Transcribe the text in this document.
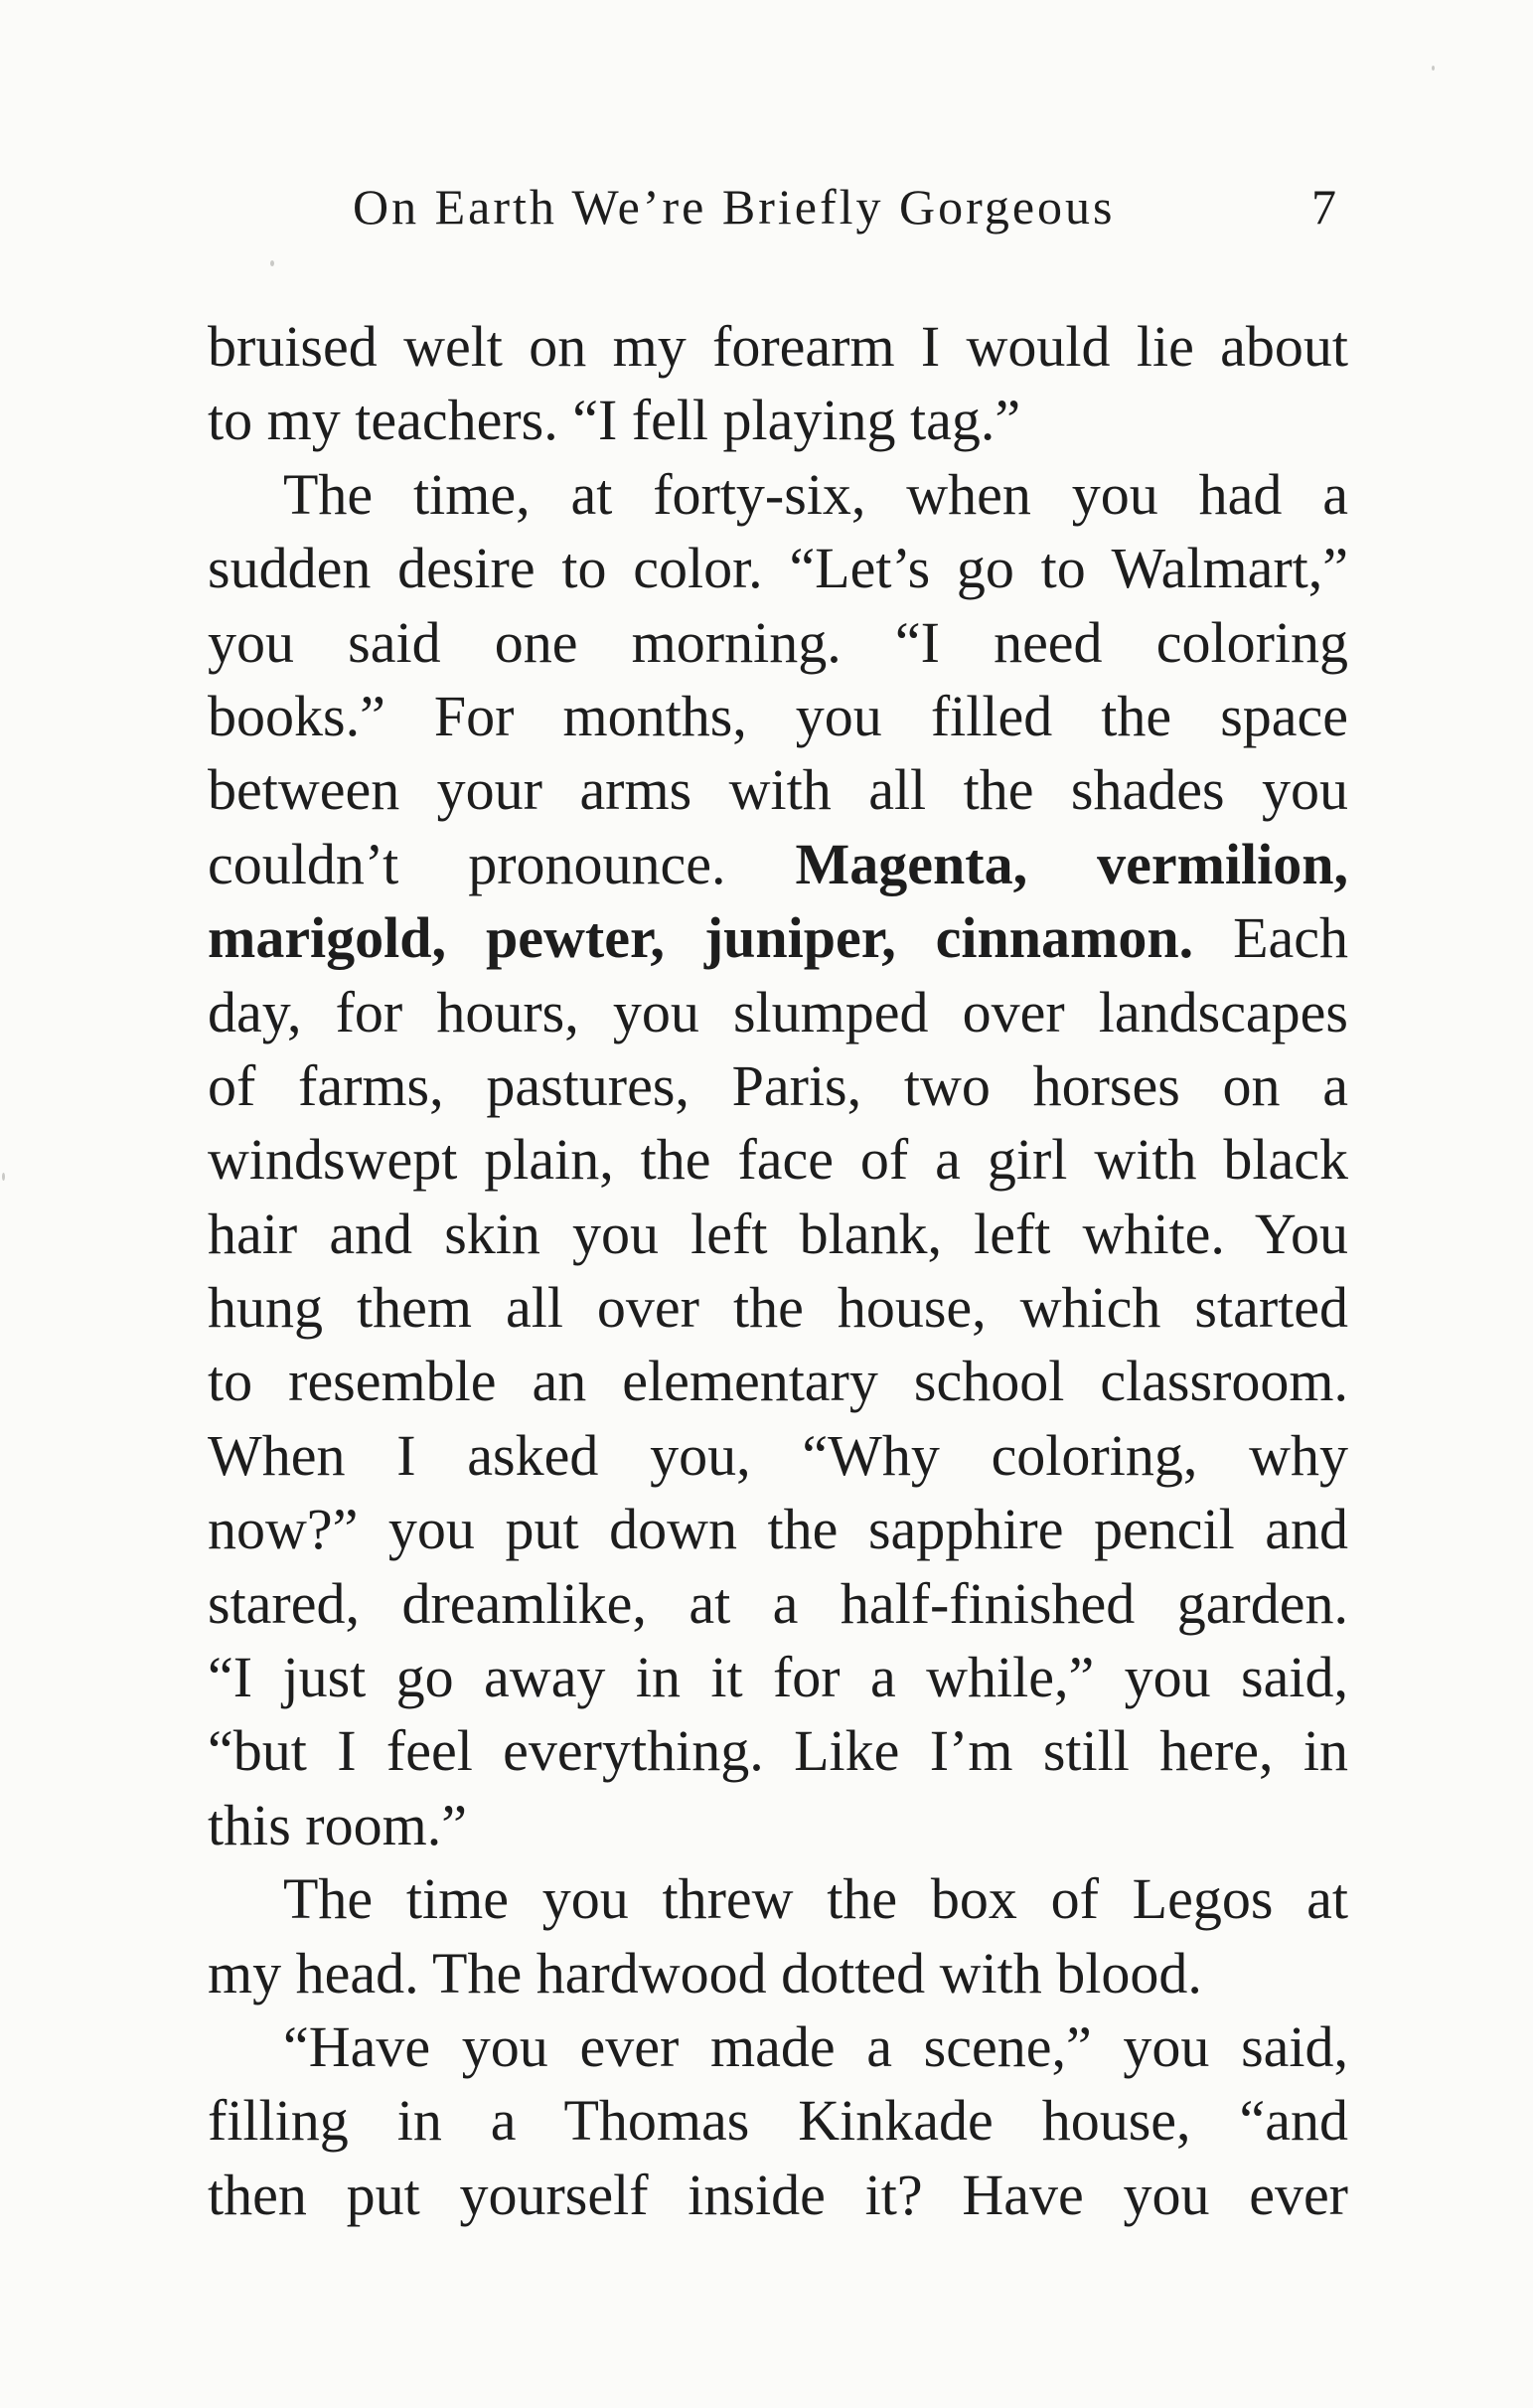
On Earth We’re Briefly Gorgeous	7
bruised welt on my forearm I would lie about
to my teachers. “I fell playing tag.”
The time, at forty-six, when you had a
sudden desire to color. “Let’s go to Walmart,”
you said one morning. “I need coloring
books.” For months, you filled the space
between your arms with all the shades you
couldn’t pronounce. Magenta, vermilion,
marigold, pewter, juniper, cinnamon. Each
day, for hours, you slumped over landscapes
of farms, pastures, Paris, two horses on a
windswept plain, the face of a girl with black
hair and skin you left blank, left white. You
hung them all over the house, which started
to resemble an elementary school classroom.
When I asked you, “Why coloring, why
now?” you put down the sapphire pencil and
stared, dreamlike, at a half-finished garden.
“I just go away in it for a while,” you said,
“but I feel everything. Like I’m still here, in
this room.”
The time you threw the box of Legos at
my head. The hardwood dotted with blood.
“Have you ever made a scene,” you said,
filling in a Thomas Kinkade house, “and
then put yourself inside it? Have you ever
